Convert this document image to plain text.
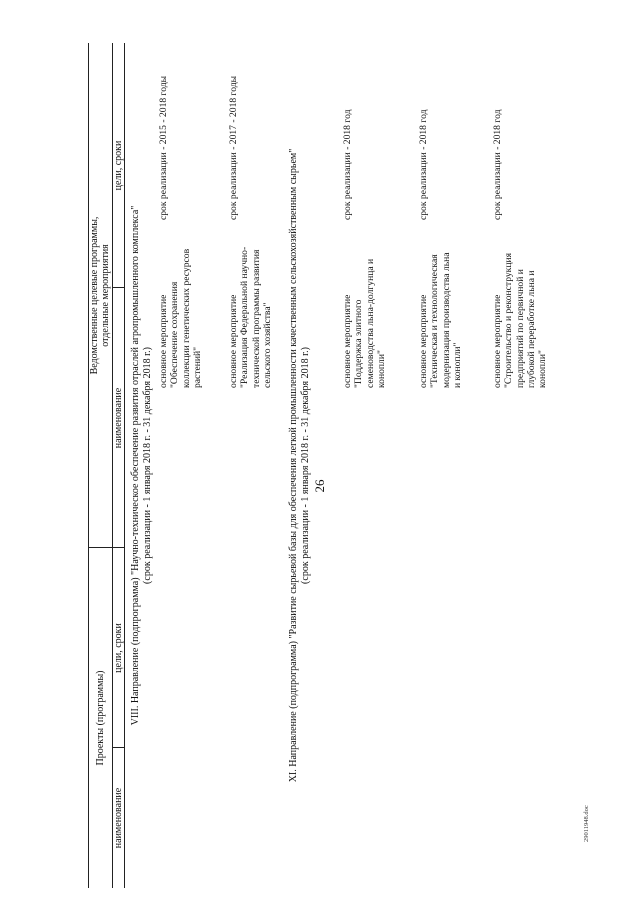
26
29011948.doc
Проекты (программы)
наименование
цели, сроки
Ведомственные целевые программы, отдельные мероприятия
наименование
цели, сроки
VIII. Направление (подпрограмма) "Научно-техническое обеспечение развития отраслей агропромышленного комплекса" (срок реализации - 1 января 2018 г. - 31 декабря 2018 г.)
основное мероприятие "Обеспечение сохранения коллекции генетических ресурсов растений"
срок реализации - 2015 - 2018 годы
основное мероприятие "Реализация Федеральной научно- технической программы развития сельского хозяйства"
срок реализации - 2017 - 2018 годы
XI. Направление (подпрограмма) "Развитие сырьевой базы для обеспечения легкой промышленности качественным сельскохозяйственным сырьем" (срок реализации - 1 января 2018 г. - 31 декабря 2018 г.)
основное мероприятие "Поддержка элитного семеноводства льна-долгунца и конопли"
срок реализации - 2018 год
основное мероприятие "Техническая и технологическая модернизация производства льна и конопли"
срок реализации - 2018 год
основное мероприятие "Строительство и реконструкция предприятий по первичной и глубокой переработке льна и конопли"
срок реализации - 2018 год
